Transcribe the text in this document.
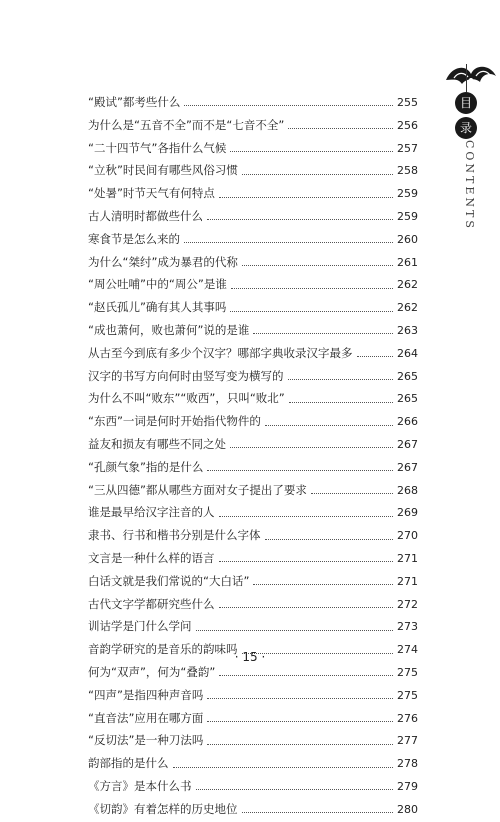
目
录
CONTENTS
“殿试”都考些什么	255
为什么是“五音不全”而不是“七音不全”	256
“二十四节气”各指什么气候	257
“立秋”时民间有哪些风俗习惯	258
“处暑”时节天气有何特点	259
古人清明时都做些什么	259
寒食节是怎么来的	260
为什么“桀纣”成为暴君的代称	261
“周公吐哺”中的“周公”是谁	262
“赵氏孤儿”确有其人其事吗	262
“成也萧何，败也萧何”说的是谁	263
从古至今到底有多少个汉字？哪部字典收录汉字最多	264
汉字的书写方向何时由竖写变为横写的	265
为什么不叫“败东”“败西”，只叫“败北”	265
“东西”一词是何时开始指代物件的	266
益友和损友有哪些不同之处	267
“孔颜气象”指的是什么	267
“三从四德”都从哪些方面对女子提出了要求	268
谁是最早给汉字注音的人	269
隶书、行书和楷书分别是什么字体	270
文言是一种什么样的语言	271
白话文就是我们常说的“大白话”	271
古代文字学都研究些什么	272
训诂学是门什么学问	273
音韵学研究的是音乐的韵味吗	274
何为“双声”，何为“叠韵”	275
“四声”是指四种声音吗	275
“直音法”应用在哪方面	276
“反切法”是一种刀法吗	277
韵部指的是什么	278
《方言》是本什么书	279
《切韵》有着怎样的历史地位	280
· 15 ·
